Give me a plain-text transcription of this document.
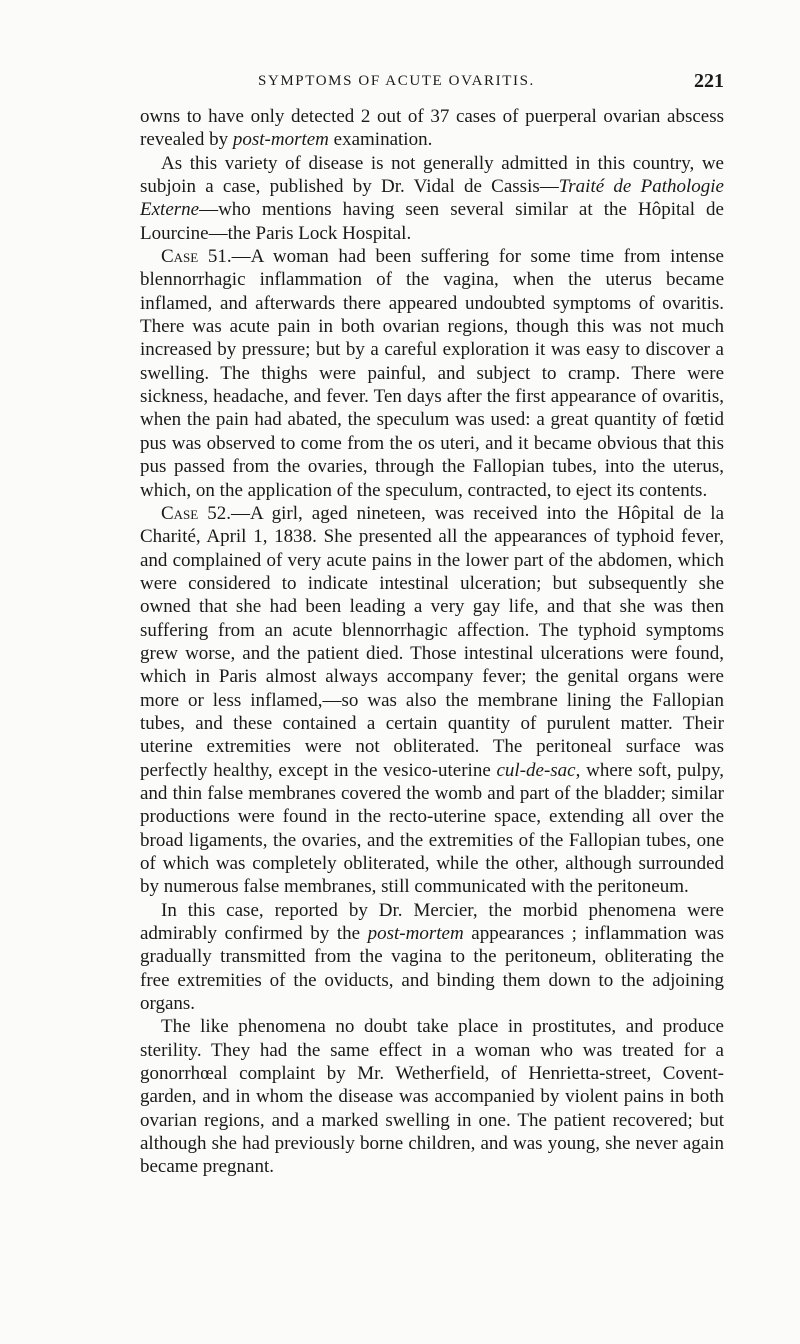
SYMPTOMS OF ACUTE OVARITIS.	221

owns to have only detected 2 out of 37 cases of puerperal ovarian abscess revealed by post-mortem examination.

As this variety of disease is not generally admitted in this country, we subjoin a case, published by Dr. Vidal de Cassis—Traité de Pathologie Externe—who mentions having seen several similar at the Hôpital de Lourcine—the Paris Lock Hospital.

Case 51.—A woman had been suffering for some time from intense blennorrhagic inflammation of the vagina, when the uterus became inflamed, and afterwards there appeared undoubted symptoms of ovaritis. There was acute pain in both ovarian regions, though this was not much increased by pressure; but by a careful exploration it was easy to discover a swelling. The thighs were painful, and subject to cramp. There were sickness, headache, and fever. Ten days after the first appearance of ovaritis, when the pain had abated, the speculum was used: a great quantity of fœtid pus was observed to come from the os uteri, and it became obvious that this pus passed from the ovaries, through the Fallopian tubes, into the uterus, which, on the application of the speculum, contracted, to eject its contents.

Case 52.—A girl, aged nineteen, was received into the Hôpital de la Charité, April 1, 1838. She presented all the appearances of typhoid fever, and complained of very acute pains in the lower part of the abdomen, which were considered to indicate intestinal ulceration; but subsequently she owned that she had been leading a very gay life, and that she was then suffering from an acute blennorrhagic affection. The typhoid symptoms grew worse, and the patient died. Those intestinal ulcerations were found, which in Paris almost always accompany fever; the genital organs were more or less inflamed,—so was also the membrane lining the Fallopian tubes, and these contained a certain quantity of purulent matter. Their uterine extremities were not obliterated. The peritoneal surface was perfectly healthy, except in the vesico-uterine cul-de-sac, where soft, pulpy, and thin false membranes covered the womb and part of the bladder; similar productions were found in the recto-uterine space, extending all over the broad ligaments, the ovaries, and the extremities of the Fallopian tubes, one of which was completely obliterated, while the other, although surrounded by numerous false membranes, still communicated with the peritoneum.

In this case, reported by Dr. Mercier, the morbid phenomena were admirably confirmed by the post-mortem appearances ; inflammation was gradually transmitted from the vagina to the peritoneum, obliterating the free extremities of the oviducts, and binding them down to the adjoining organs.

The like phenomena no doubt take place in prostitutes, and produce sterility. They had the same effect in a woman who was treated for a gonorrhœal complaint by Mr. Wetherfield, of Henrietta-street, Covent-garden, and in whom the disease was accompanied by violent pains in both ovarian regions, and a marked swelling in one. The patient recovered; but although she had previously borne children, and was young, she never again became pregnant.
